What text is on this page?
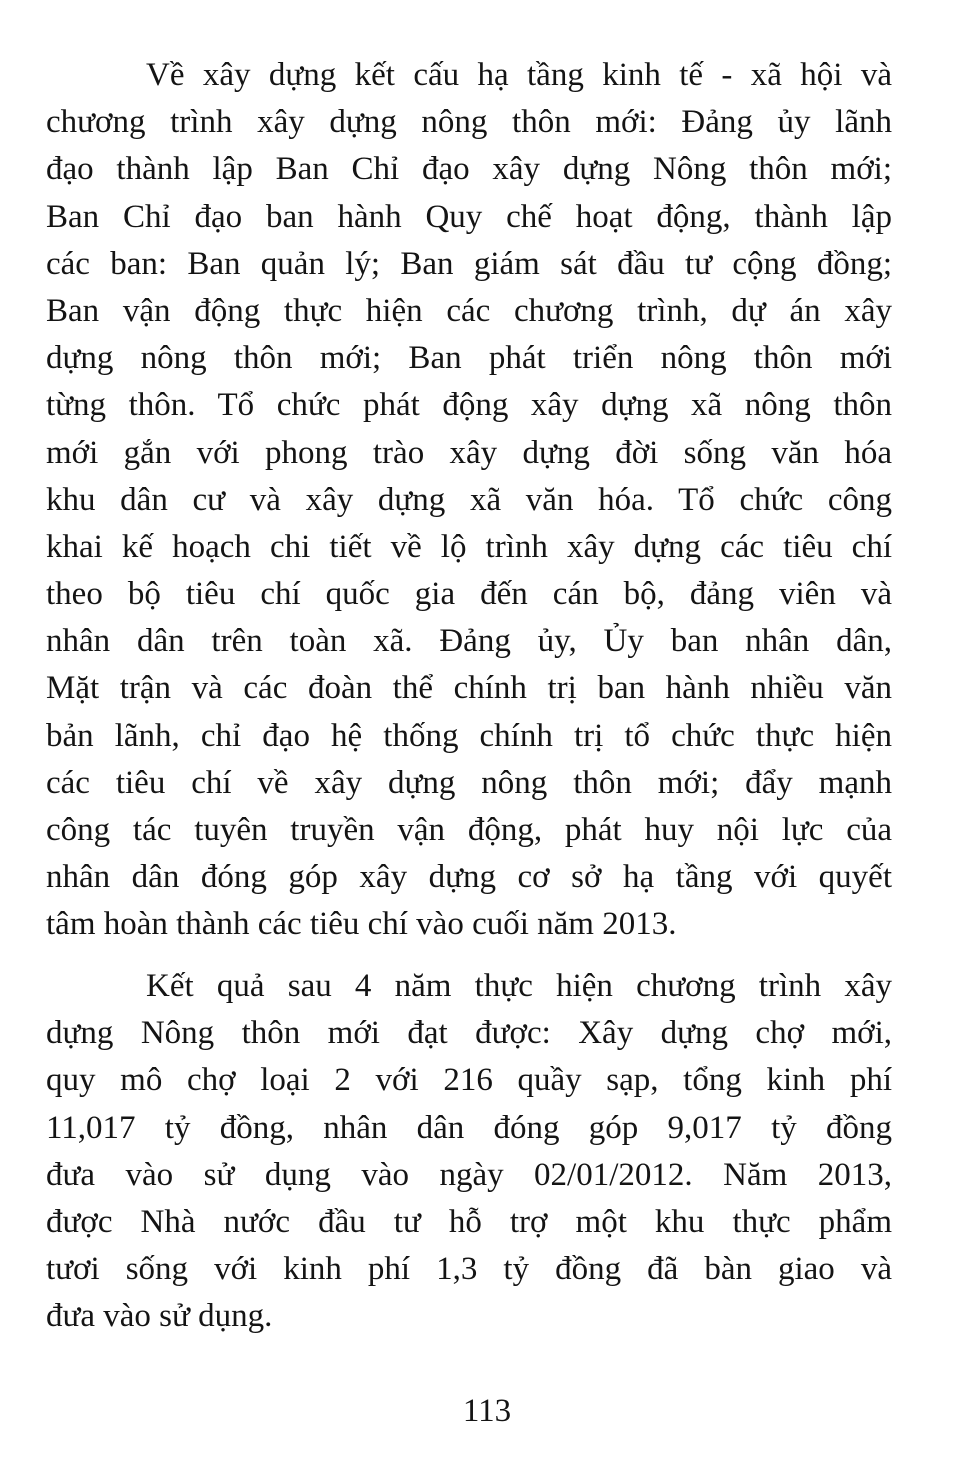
Về xây dựng kết cấu hạ tầng kinh tế - xã hội và
chương trình xây dựng nông thôn mới: Đảng ủy lãnh
đạo thành lập Ban Chỉ đạo xây dựng Nông thôn mới;
Ban Chỉ đạo ban hành Quy chế hoạt động, thành lập
các ban: Ban quản lý; Ban giám sát đầu tư cộng đồng;
Ban vận động thực hiện các chương trình, dự án xây
dựng nông thôn mới; Ban phát triển nông thôn mới
từng thôn. Tổ chức phát động xây dựng xã nông thôn
mới gắn với phong trào xây dựng đời sống văn hóa
khu dân cư và xây dựng xã văn hóa. Tổ chức công
khai kế hoạch chi tiết về lộ trình xây dựng các tiêu chí
theo bộ tiêu chí quốc gia đến cán bộ, đảng viên và
nhân dân trên toàn xã. Đảng ủy, Ủy ban nhân dân,
Mặt trận và các đoàn thể chính trị ban hành nhiều văn
bản lãnh, chỉ đạo hệ thống chính trị tổ chức thực hiện
các tiêu chí về xây dựng nông thôn mới; đẩy mạnh
công tác tuyên truyền vận động, phát huy nội lực của
nhân dân đóng góp xây dựng cơ sở hạ tầng với quyết
tâm hoàn thành các tiêu chí vào cuối năm 2013.
Kết quả sau 4 năm thực hiện chương trình xây
dựng Nông thôn mới đạt được: Xây dựng chợ mới,
quy mô chợ loại 2 với 216 quầy sạp, tổng kinh phí
11,017 tỷ đồng, nhân dân đóng góp 9,017 tỷ đồng
đưa vào sử dụng vào ngày 02/01/2012. Năm 2013,
được Nhà nước đầu tư hỗ trợ một khu thực phẩm
tươi sống với kinh phí 1,3 tỷ đồng đã bàn giao và
đưa vào sử dụng.
113
